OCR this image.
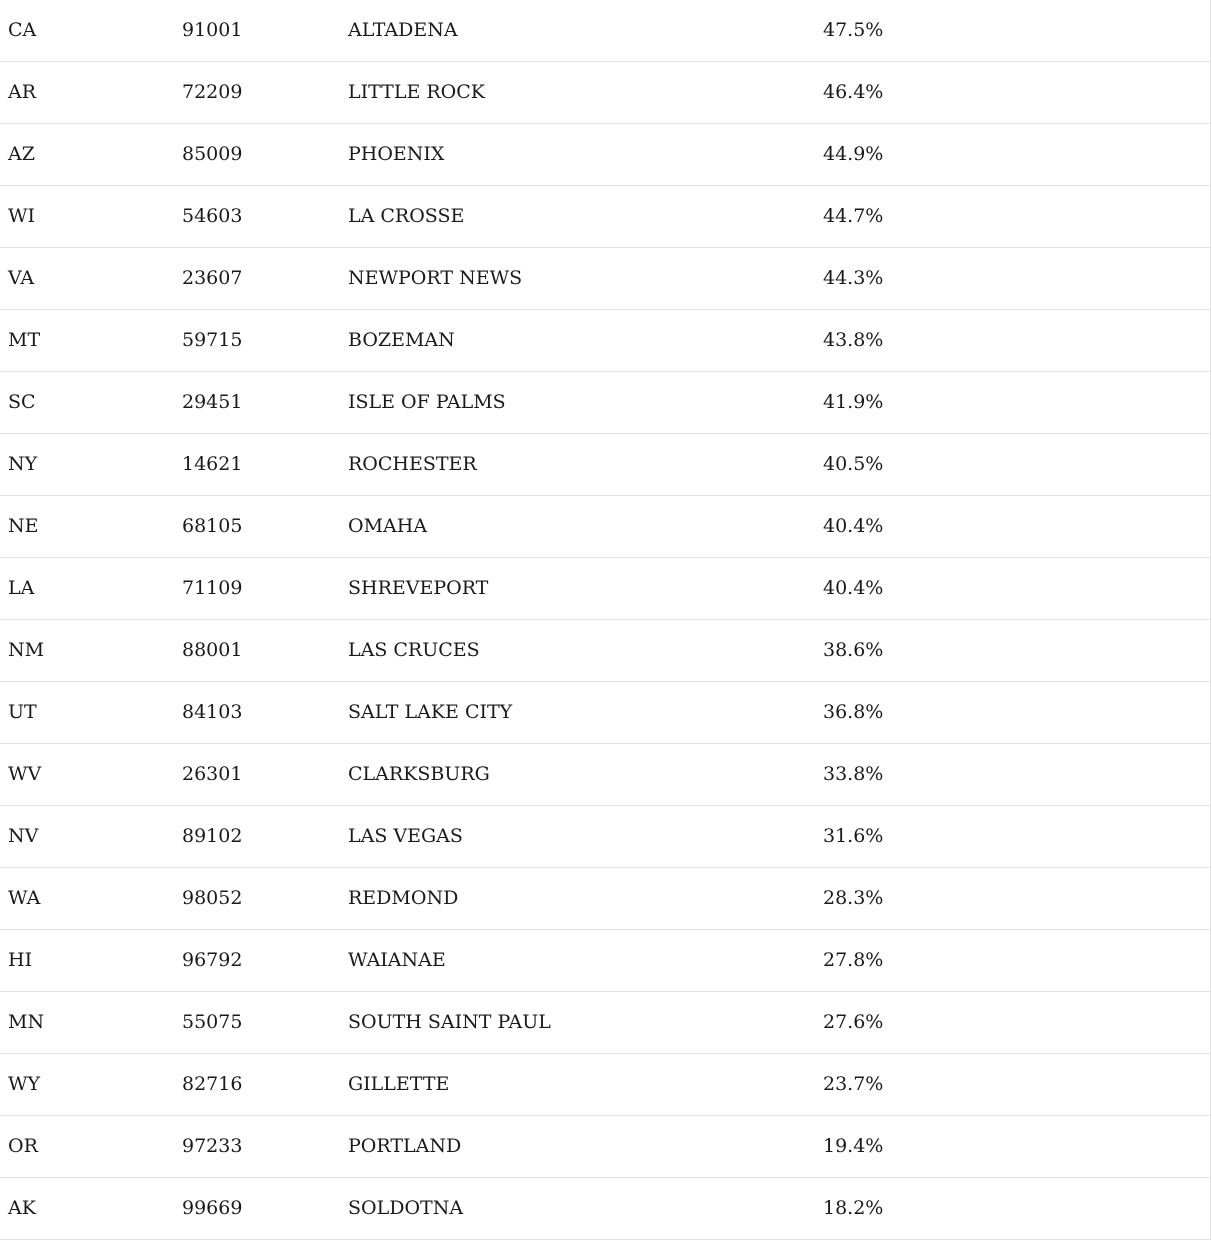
CA	91001	ALTADENA	47.5%
AR	72209	LITTLE ROCK	46.4%
AZ	85009	PHOENIX	44.9%
WI	54603	LA CROSSE	44.7%
VA	23607	NEWPORT NEWS	44.3%
MT	59715	BOZEMAN	43.8%
SC	29451	ISLE OF PALMS	41.9%
NY	14621	ROCHESTER	40.5%
NE	68105	OMAHA	40.4%
LA	71109	SHREVEPORT	40.4%
NM	88001	LAS CRUCES	38.6%
UT	84103	SALT LAKE CITY	36.8%
WV	26301	CLARKSBURG	33.8%
NV	89102	LAS VEGAS	31.6%
WA	98052	REDMOND	28.3%
HI	96792	WAIANAE	27.8%
MN	55075	SOUTH SAINT PAUL	27.6%
WY	82716	GILLETTE	23.7%
OR	97233	PORTLAND	19.4%
AK	99669	SOLDOTNA	18.2%
